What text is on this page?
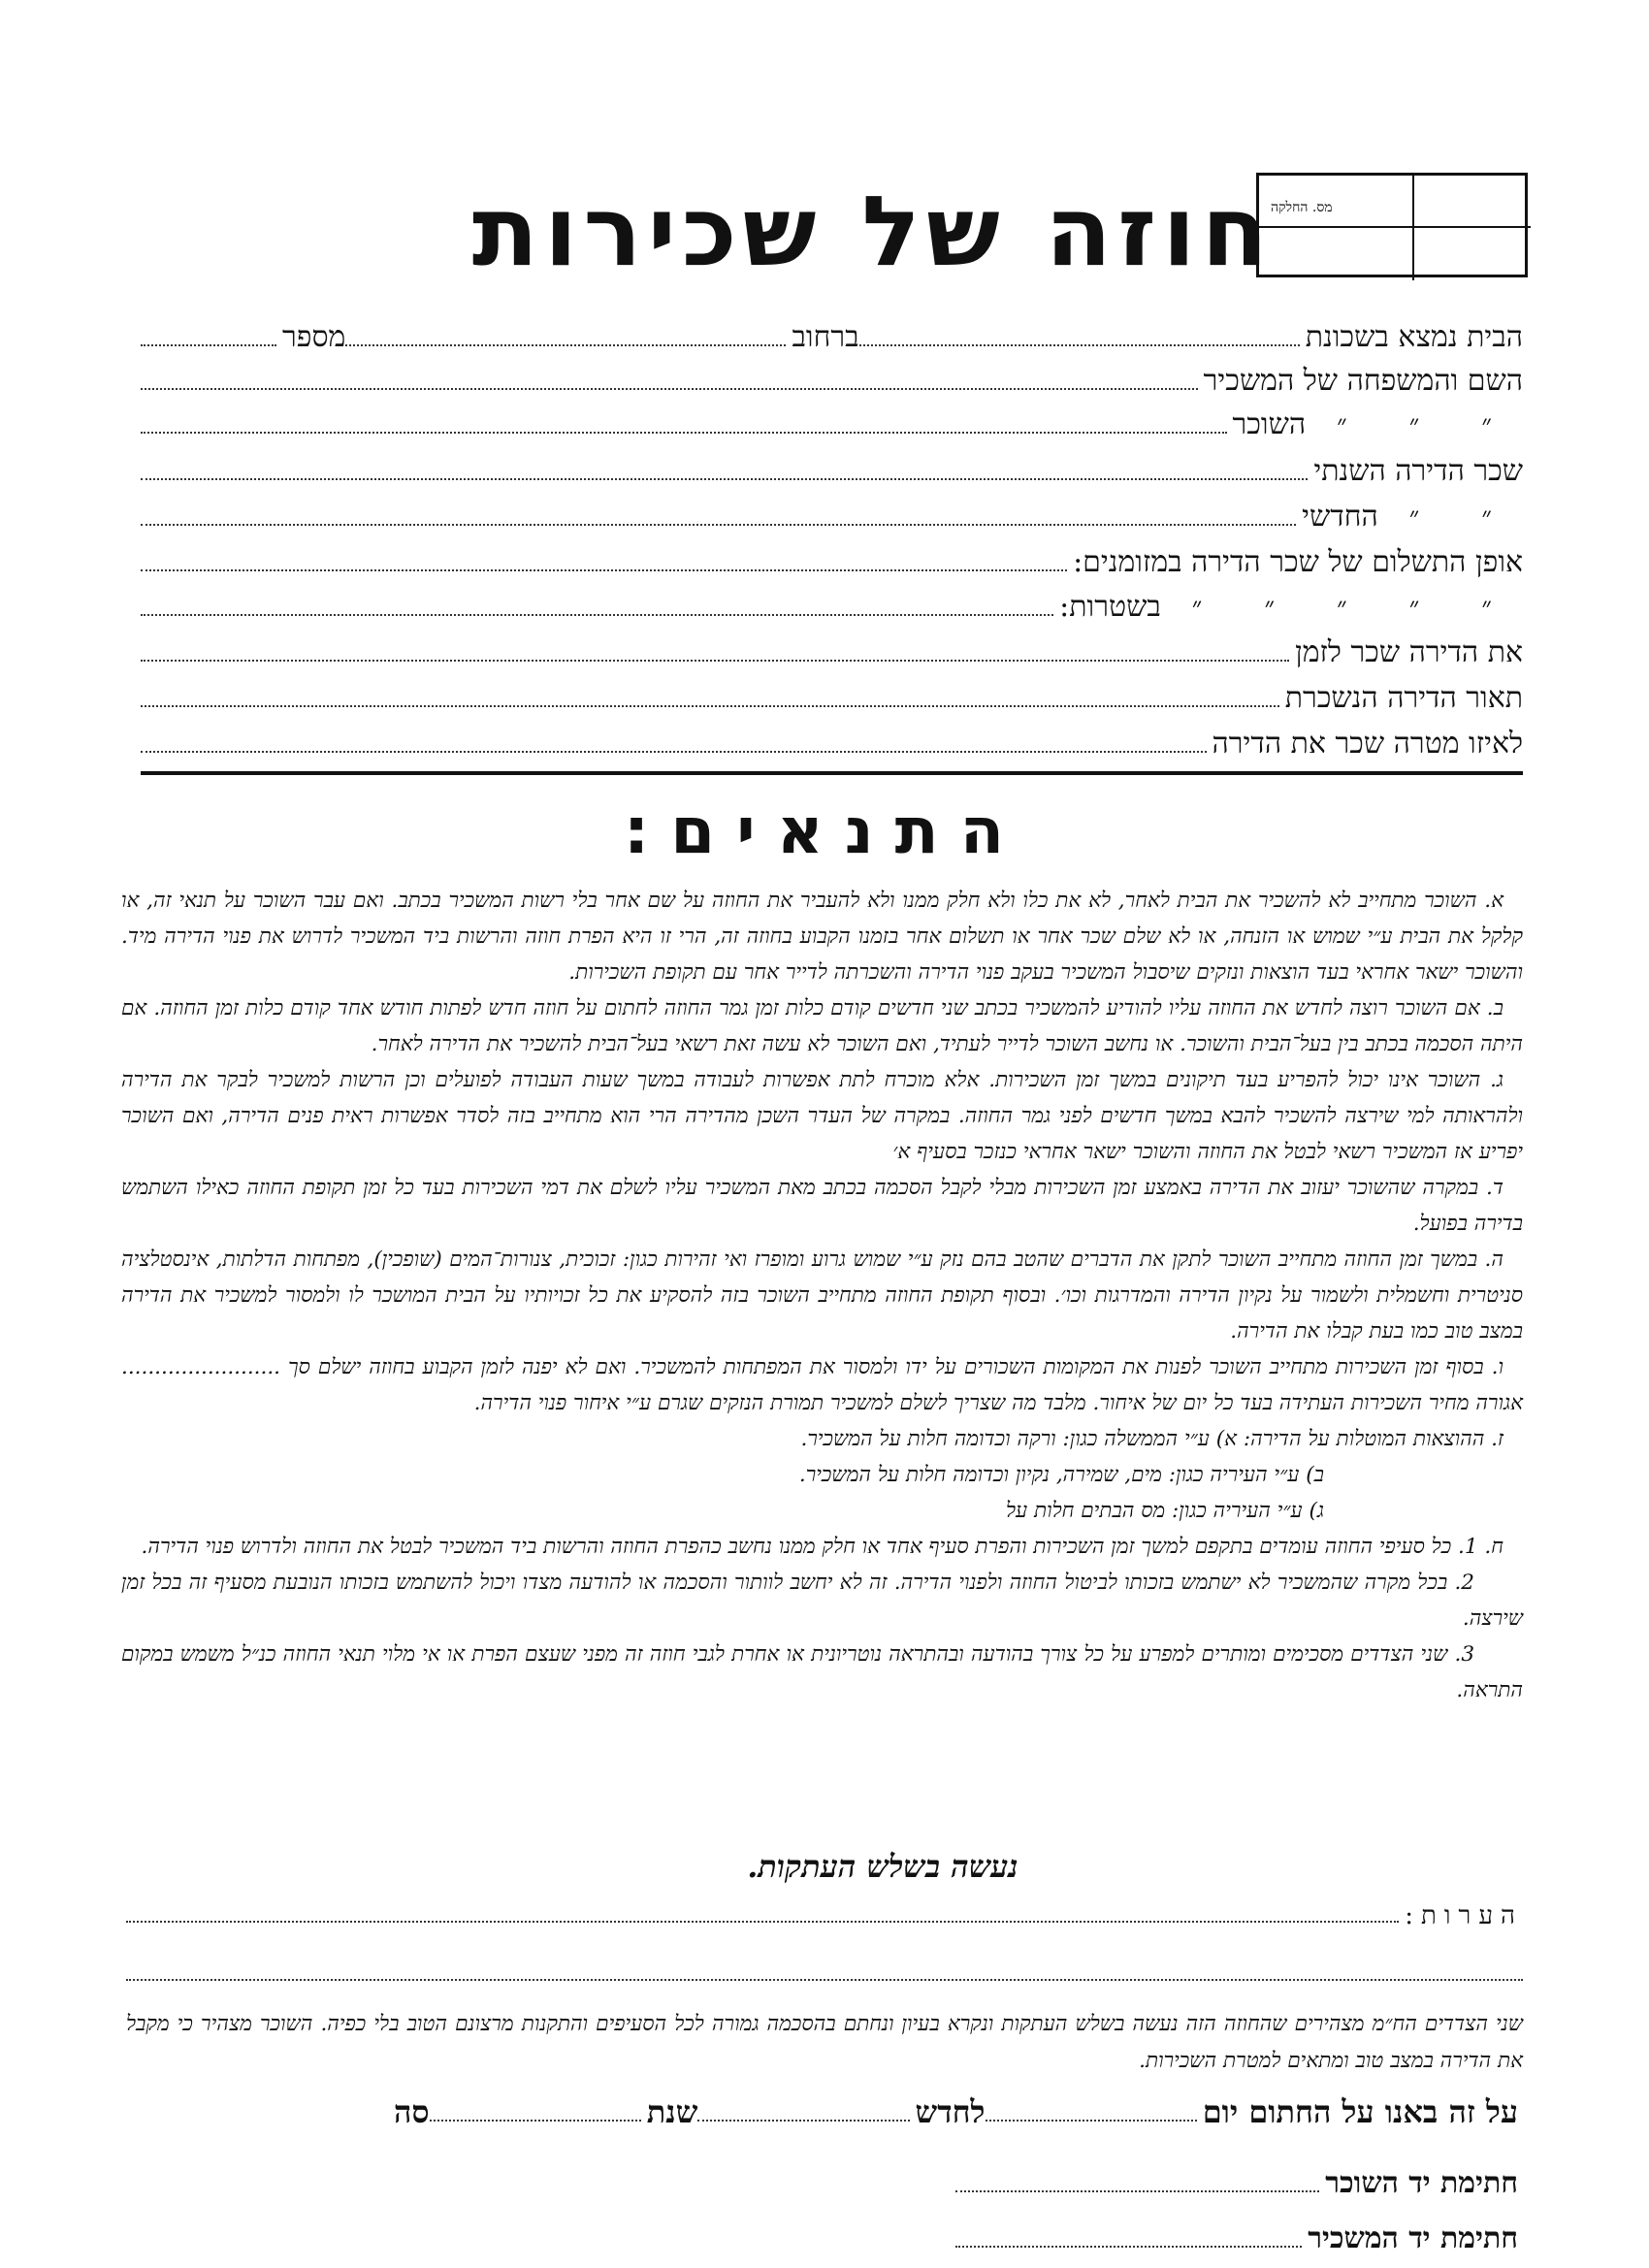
מס. החלקה
חוזה של שכירות
הבית נמצא בשכונת
ברחוב
מספר
השם והמשפחה של המשכיר
״
״
״
השוכר
שכר הדירה השנתי
״
״
החדשי
אופן התשלום של שכר הדירה במזומנים:
״
״
״
״
״
בשטרות:
את הדירה שכר לזמן
תאור הדירה הנשכרת
לאיזו מטרה שכר את הדירה
התנאים:

א. השוכר מתחייב לא להשכיר את הבית לאחר, לא את כלו ולא חלק ממנו ולא להעביר את החוזה על שם אחר בלי רשות המשכיר בכתב. ואם עבר השוכר על תנאי זה, או קלקל את הבית ע״י שמוש או הזנחה, או לא שלם שכר אחר או תשלום אחר בזמנו הקבוע בחוזה זה, הרי זו היא הפרת חוזה והרשות ביד המשכיר לדרוש את פנוי הדירה מיד. והשוכר ישאר אחראי בעד הוצאות ונזקים שיסבול המשכיר בעקב פנוי הדירה והשכרתה לדייר אחר עם תקופת השכירות.

ב. אם השוכר רוצה לחדש את החוזה עליו להודיע להמשכיר בכתב שני חדשים קודם כלות זמן גמר החוזה לחתום על חוזה חדש לפתות חודש אחד קודם כלות זמן החוזה. אם היתה הסכמה בכתב בין בעל־הבית והשוכר. או נחשב השוכר לדייר לעתיד, ואם השוכר לא עשה זאת רשאי בעל־הבית להשכיר את הדירה לאחר.

ג. השוכר אינו יכול להפריע בעד תיקונים במשך זמן השכירות. אלא מוכרח לתת אפשרות לעבודה במשך שעות העבודה לפועלים וכן הרשות למשכיר לבקר את הדירה ולהראותה למי שירצה להשכיר להבא במשך חדשים לפני גמר החוזה. במקרה של העדר השכן מהדירה הרי הוא מתחייב בזה לסדר אפשרות ראית פנים הדירה, ואם השוכר יפריע אז המשכיר רשאי לבטל את החוזה והשוכר ישאר אחראי כנזכר בסעיף א׳

ד. במקרה שהשוכר יעזוב את הדירה באמצע זמן השכירות מבלי לקבל הסכמה בכתב מאת המשכיר עליו לשלם את דמי השכירות בעד כל זמן תקופת החוזה כאילו השתמש בדירה בפועל.

ה. במשך זמן החוזה מתחייב השוכר לתקן את הדברים שהטב בהם נזק ע״י שמוש גרוע ומופרז ואי זהירות כגון: זכוכית, צנורות־המים (שופכין), מפתחות הדלתות, אינסטלציה סניטרית וחשמלית ולשמור על נקיון הדירה והמדרגות וכו׳. ובסוף תקופת החוזה מתחייב השוכר בזה להסקיע את כל זכויותיו על הבית המושכר לו ולמסור למשכיר את הדירה במצב טוב כמו בעת קבלו את הדירה.

ו. בסוף זמן השכירות מתחייב השוכר לפנות את המקומות השכורים על ידו ולמסור את המפתחות להמשכיר. ואם לא יפנה לזמן הקבוע בחוזה ישלם סך ........................ אגורה מחיר השכירות העתידה בעד כל יום של איחור. מלבד מה שצריך לשלם למשכיר תמורת הנזקים שגרם ע״י איחור פנוי הדירה.

ז. ההוצאות המוטלות על הדירה: א) ע״י הממשלה כגון: ורקה וכדומה חלות על המשכיר.

ב) ע״י העיריה כגון: מים, שמירה, נקיון וכדומה חלות על המשכיר.

ג) ע״י העיריה כגון: מס הבתים חלות על

ח. 1. כל סעיפי החוזה עומדים בתקפם למשך זמן השכירות והפרת סעיף אחד או חלק ממנו נחשב כהפרת החוזה והרשות ביד המשכיר לבטל את החוזה ולדרוש פנוי הדירה.

2. בכל מקרה שהמשכיר לא ישתמש בזכותו לביטול החוזה ולפנוי הדירה. זה לא יחשב לוותור והסכמה או להודעה מצדו ויכול להשתמש בזכותו הנובעת מסעיף זה בכל זמן שירצה.

3. שני הצדדים מסכימים ומותרים למפרע על כל צורך בהודעה ובהתראה נוטריונית או אחרת לגבי חוזה זה מפני שעצם הפרת או אי מלוי תנאי החוזה כנ״ל משמש במקום התראה.

נעשה בשלש העתקות.
הערות:
שני הצדדים הח״מ מצהירים שהחוזה הזה נעשה בשלש העתקות ונקרא בעיון ונחתם בהסכמה גמורה לכל הסעיפים והתקנות מרצונם הטוב בלי כפיה. השוכר מצהיר כי מקבל את הדירה במצב טוב ומתאים למטרת השכירות.
על זה באנו על החתום יום
לחדש
שנת
סה
חתימת יד השוכר
חתימת יד המשכיר
